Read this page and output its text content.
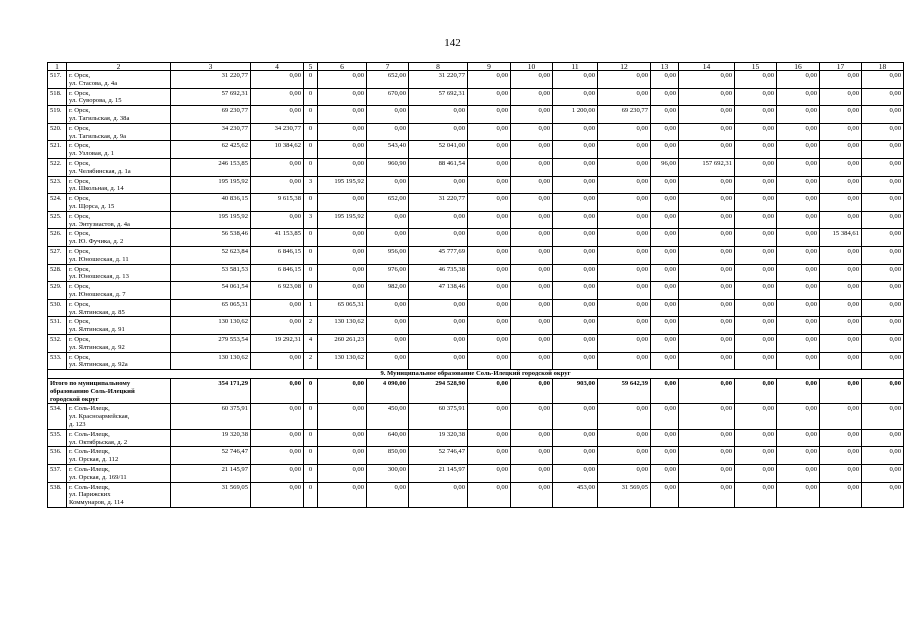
142
1	2	3	4	5	6	7	8	9	10	11	12	13	14	15	16	17	18
517.	г. Орск,
ул. Стасова, д. 4а	31 220,77	0,00	0	0,00	652,00	31 220,77	0,00	0,00	0,00	0,00	0,00	0,00	0,00	0,00	0,00	0,00
518.	г. Орск,
ул. Суворова, д. 15	57 692,31	0,00	0	0,00	670,00	57 692,31	0,00	0,00	0,00	0,00	0,00	0,00	0,00	0,00	0,00	0,00
519.	г. Орск,
ул. Тагильская, д. 38а	69 230,77	0,00	0	0,00	0,00	0,00	0,00	0,00	1 200,00	69 230,77	0,00	0,00	0,00	0,00	0,00	0,00
520.	г. Орск,
ул. Тагильская, д. 9а	34 230,77	34 230,77	0	0,00	0,00	0,00	0,00	0,00	0,00	0,00	0,00	0,00	0,00	0,00	0,00	0,00
521.	г. Орск,
ул. Узловая, д. 1	62 425,62	10 384,62	0	0,00	543,40	52 041,00	0,00	0,00	0,00	0,00	0,00	0,00	0,00	0,00	0,00	0,00
522.	г. Орск,
ул. Челябинская, д. 1а	246 153,85	0,00	0	0,00	960,90	88 461,54	0,00	0,00	0,00	0,00	96,00	157 692,31	0,00	0,00	0,00	0,00
523.	г. Орск,
ул. Школьная, д. 14	195 195,92	0,00	3	195 195,92	0,00	0,00	0,00	0,00	0,00	0,00	0,00	0,00	0,00	0,00	0,00	0,00
524.	г. Орск,
ул. Щорса, д. 15	40 836,15	9 615,38	0	0,00	652,00	31 220,77	0,00	0,00	0,00	0,00	0,00	0,00	0,00	0,00	0,00	0,00
525.	г. Орск,
ул. Энтузиастов, д. 4а	195 195,92	0,00	3	195 195,92	0,00	0,00	0,00	0,00	0,00	0,00	0,00	0,00	0,00	0,00	0,00	0,00
526.	г. Орск,
ул. Ю. Фучика, д. 2	56 538,46	41 153,85	0	0,00	0,00	0,00	0,00	0,00	0,00	0,00	0,00	0,00	0,00	0,00	15 384,61	0,00
527.	г. Орск,
ул. Юношеская, д. 11	52 623,84	6 846,15	0	0,00	956,00	45 777,69	0,00	0,00	0,00	0,00	0,00	0,00	0,00	0,00	0,00	0,00
528.	г. Орск,
ул. Юношеская, д. 13	53 581,53	6 846,15	0	0,00	976,00	46 735,38	0,00	0,00	0,00	0,00	0,00	0,00	0,00	0,00	0,00	0,00
529.	г. Орск,
ул. Юношеская, д. 7	54 061,54	6 923,08	0	0,00	982,00	47 138,46	0,00	0,00	0,00	0,00	0,00	0,00	0,00	0,00	0,00	0,00
530.	г. Орск,
ул. Ялтинская, д. 85	65 065,31	0,00	1	65 065,31	0,00	0,00	0,00	0,00	0,00	0,00	0,00	0,00	0,00	0,00	0,00	0,00
531.	г. Орск,
ул. Ялтинская, д. 91	130 130,62	0,00	2	130 130,62	0,00	0,00	0,00	0,00	0,00	0,00	0,00	0,00	0,00	0,00	0,00	0,00
532.	г. Орск,
ул. Ялтинская, д. 92	279 553,54	19 292,31	4	260 261,23	0,00	0,00	0,00	0,00	0,00	0,00	0,00	0,00	0,00	0,00	0,00	0,00
533.	г. Орск,
ул. Ялтинская, д. 92а	130 130,62	0,00	2	130 130,62	0,00	0,00	0,00	0,00	0,00	0,00	0,00	0,00	0,00	0,00	0,00	0,00
9. Муниципальное образование Соль-Илецкий городской округ																	

Итого по муниципальному
образованию Соль-Илецкий
городской округ		354 171,29	0,00	0	0,00	4 090,00	294 528,90	0,00	0,00	903,00	59 642,39	0,00	0,00	0,00	0,00	0,00	0,00
534.	г. Соль-Илецк,
ул. Красноармейская,
д. 123	60 375,91	0,00	0	0,00	450,00	60 375,91	0,00	0,00	0,00	0,00	0,00	0,00	0,00	0,00	0,00	0,00
535.	г. Соль-Илецк,
ул. Октябрьская, д. 2	19 320,38	0,00	0	0,00	640,00	19 320,38	0,00	0,00	0,00	0,00	0,00	0,00	0,00	0,00	0,00	0,00
536.	г. Соль-Илецк,
ул. Орская, д. 112	52 746,47	0,00	0	0,00	850,00	52 746,47	0,00	0,00	0,00	0,00	0,00	0,00	0,00	0,00	0,00	0,00
537.	г. Соль-Илецк,
ул. Орская, д. 169/11	21 145,97	0,00	0	0,00	300,00	21 145,97	0,00	0,00	0,00	0,00	0,00	0,00	0,00	0,00	0,00	0,00
538.	г. Соль-Илецк,
ул. Парижских
Коммунаров, д. 114	31 569,05	0,00	0	0,00	0,00	0,00	0,00	0,00	453,00	31 569,05	0,00	0,00	0,00	0,00	0,00	0,00
